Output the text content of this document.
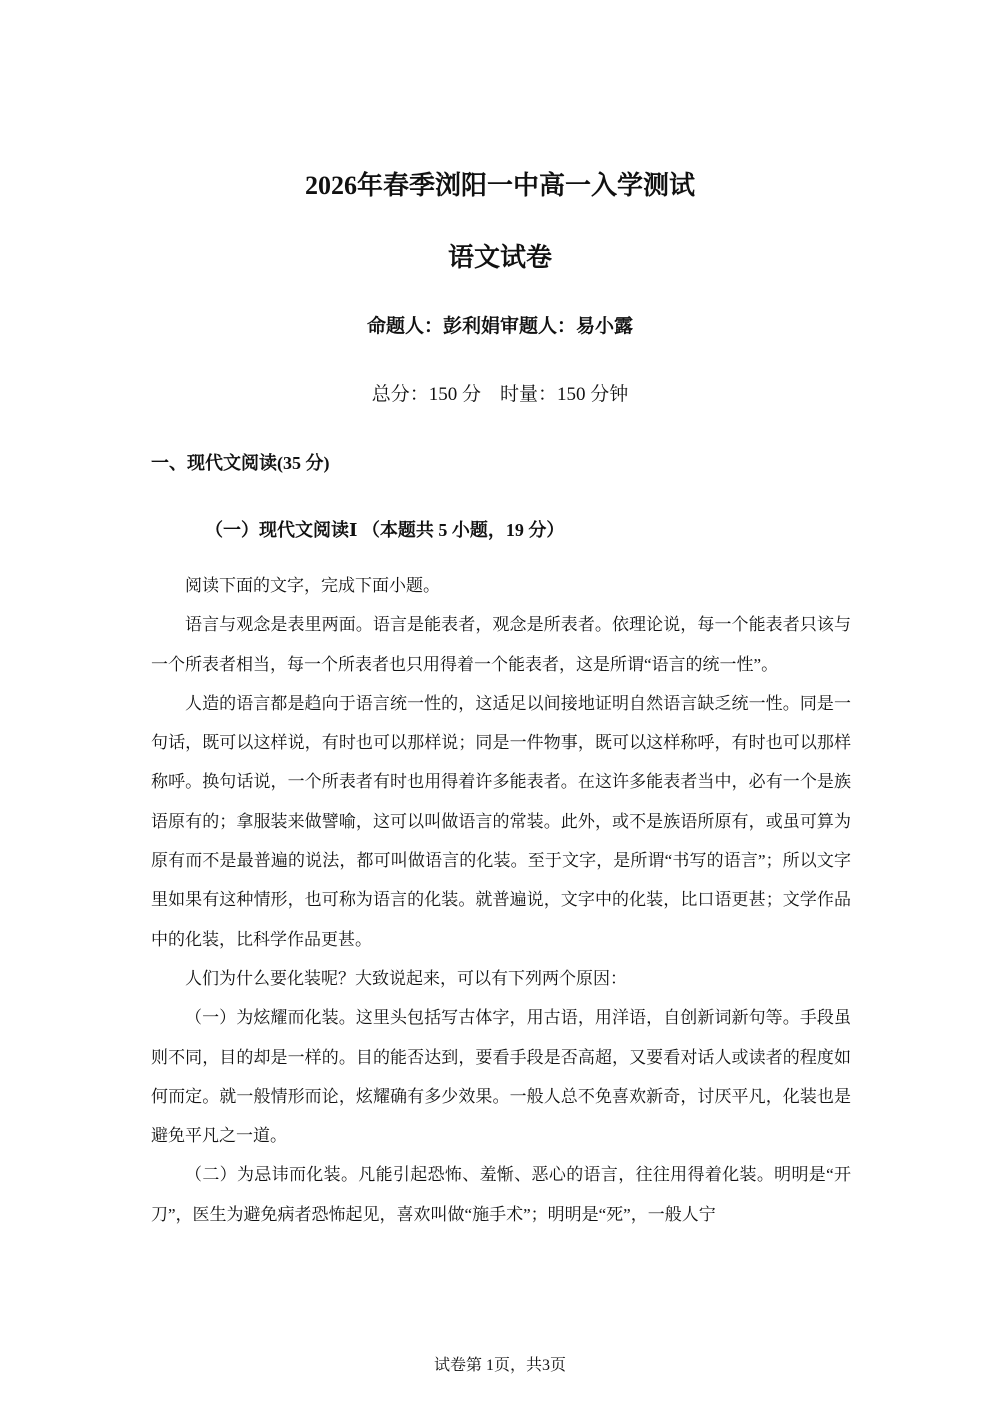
2026年春季浏阳一中高一入学测试
语文试卷
命题人：彭利娟审题人：易小露
总分：150 分　时量：150 分钟
一、现代文阅读(35 分)
（一）现代文阅读Ⅰ （本题共 5 小题，19 分）

阅读下面的文字，完成下面小题。

语言与观念是表里两面。语言是能表者，观念是所表者。依理论说，每一个能表者只该与一个所表者相当，每一个所表者也只用得着一个能表者，这是所谓“语言的统一性”。

人造的语言都是趋向于语言统一性的，这适足以间接地证明自然语言缺乏统一性。同是一句话，既可以这样说，有时也可以那样说；同是一件物事，既可以这样称呼，有时也可以那样称呼。换句话说，一个所表者有时也用得着许多能表者。在这许多能表者当中，必有一个是族语原有的；拿服装来做譬喻，这可以叫做语言的常装。此外，或不是族语所原有，或虽可算为原有而不是最普遍的说法，都可叫做语言的化装。至于文字，是所谓“书写的语言”；所以文字里如果有这种情形，也可称为语言的化装。就普遍说，文字中的化装，比口语更甚；文学作品中的化装，比科学作品更甚。

人们为什么要化装呢？大致说起来，可以有下列两个原因：

（一）为炫耀而化装。这里头包括写古体字，用古语，用洋语，自创新词新句等。手段虽则不同，目的却是一样的。目的能否达到，要看手段是否高超，又要看对话人或读者的程度如何而定。就一般情形而论，炫耀确有多少效果。一般人总不免喜欢新奇，讨厌平凡，化装也是避免平凡之一道。

（二）为忌讳而化装。凡能引起恐怖、羞惭、恶心的语言，往往用得着化装。明明是“开刀”，医生为避免病者恐怖起见，喜欢叫做“施手术”；明明是“死”，一般人宁

试卷第 1页，共3页
